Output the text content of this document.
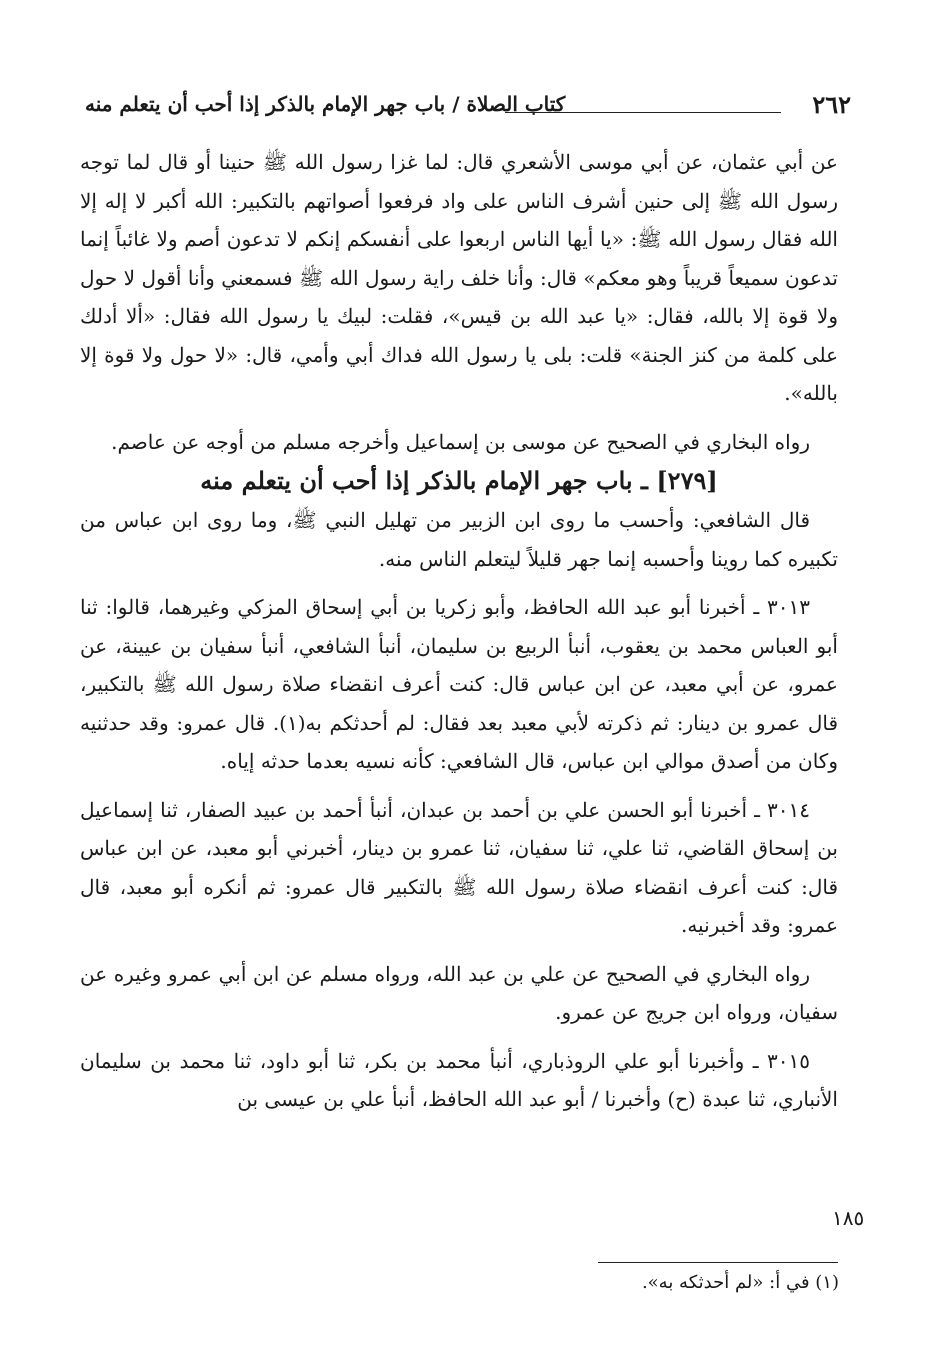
٢٦٢
كتاب الصلاة / باب جهر الإمام بالذكر إذا أحب أن يتعلم منه

عن أبي عثمان، عن أبي موسى الأشعري قال: لما غزا رسول الله ﷺ حنينا أو قال لما توجه رسول الله ﷺ إلى حنين أشرف الناس على واد فرفعوا أصواتهم بالتكبير: الله أكبر لا إله إلا الله فقال رسول الله ﷺ: «يا أيها الناس اربعوا على أنفسكم إنكم لا تدعون أصم ولا غائباً إنما تدعون سميعاً قريباً وهو معكم» قال: وأنا خلف راية رسول الله ﷺ فسمعني وأنا أقول لا حول ولا قوة إلا بالله، فقال: «يا عبد الله بن قيس»، فقلت: لبيك يا رسول الله فقال: «ألا أدلك على كلمة من كنز الجنة» قلت: بلى يا رسول الله فداك أبي وأمي، قال: «لا حول ولا قوة إلا بالله».

رواه البخاري في الصحيح عن موسى بن إسماعيل وأخرجه مسلم من أوجه عن عاصم.

[٢٧٩] ـ باب جهر الإمام بالذكر إذا أحب أن يتعلم منه

قال الشافعي: وأحسب ما روى ابن الزبير من تهليل النبي ﷺ، وما روى ابن عباس من تكبيره كما روينا وأحسبه إنما جهر قليلاً ليتعلم الناس منه.

٣٠١٣ ـ أخبرنا أبو عبد الله الحافظ، وأبو زكريا بن أبي إسحاق المزكي وغيرهما، قالوا: ثنا أبو العباس محمد بن يعقوب، أنبأ الربيع بن سليمان، أنبأ الشافعي، أنبأ سفيان بن عيينة، عن عمرو، عن أبي معبد، عن ابن عباس قال: كنت أعرف انقضاء صلاة رسول الله ﷺ بالتكبير، قال عمرو بن دينار: ثم ذكرته لأبي معبد بعد فقال: لم أحدثكم به(١). قال عمرو: وقد حدثنيه وكان من أصدق موالي ابن عباس، قال الشافعي: كأنه نسيه بعدما حدثه إياه.

٣٠١٤ ـ أخبرنا أبو الحسن علي بن أحمد بن عبدان، أنبأ أحمد بن عبيد الصفار، ثنا إسماعيل بن إسحاق القاضي، ثنا علي، ثنا سفيان، ثنا عمرو بن دينار، أخبرني أبو معبد، عن ابن عباس قال: كنت أعرف انقضاء صلاة رسول الله ﷺ بالتكبير قال عمرو: ثم أنكره أبو معبد، قال عمرو: وقد أخبرنيه.

رواه البخاري في الصحيح عن علي بن عبد الله، ورواه مسلم عن ابن أبي عمرو وغيره عن سفيان، ورواه ابن جريج عن عمرو.

٣٠١٥ ـ وأخبرنا أبو علي الروذباري، أنبأ محمد بن بكر، ثنا أبو داود، ثنا محمد بن سليمان الأنباري، ثنا عبدة (ح) وأخبرنا / أبو عبد الله الحافظ، أنبأ علي بن عيسى بن

١٨٥
(١) في أ: «لم أحدثكه به».
